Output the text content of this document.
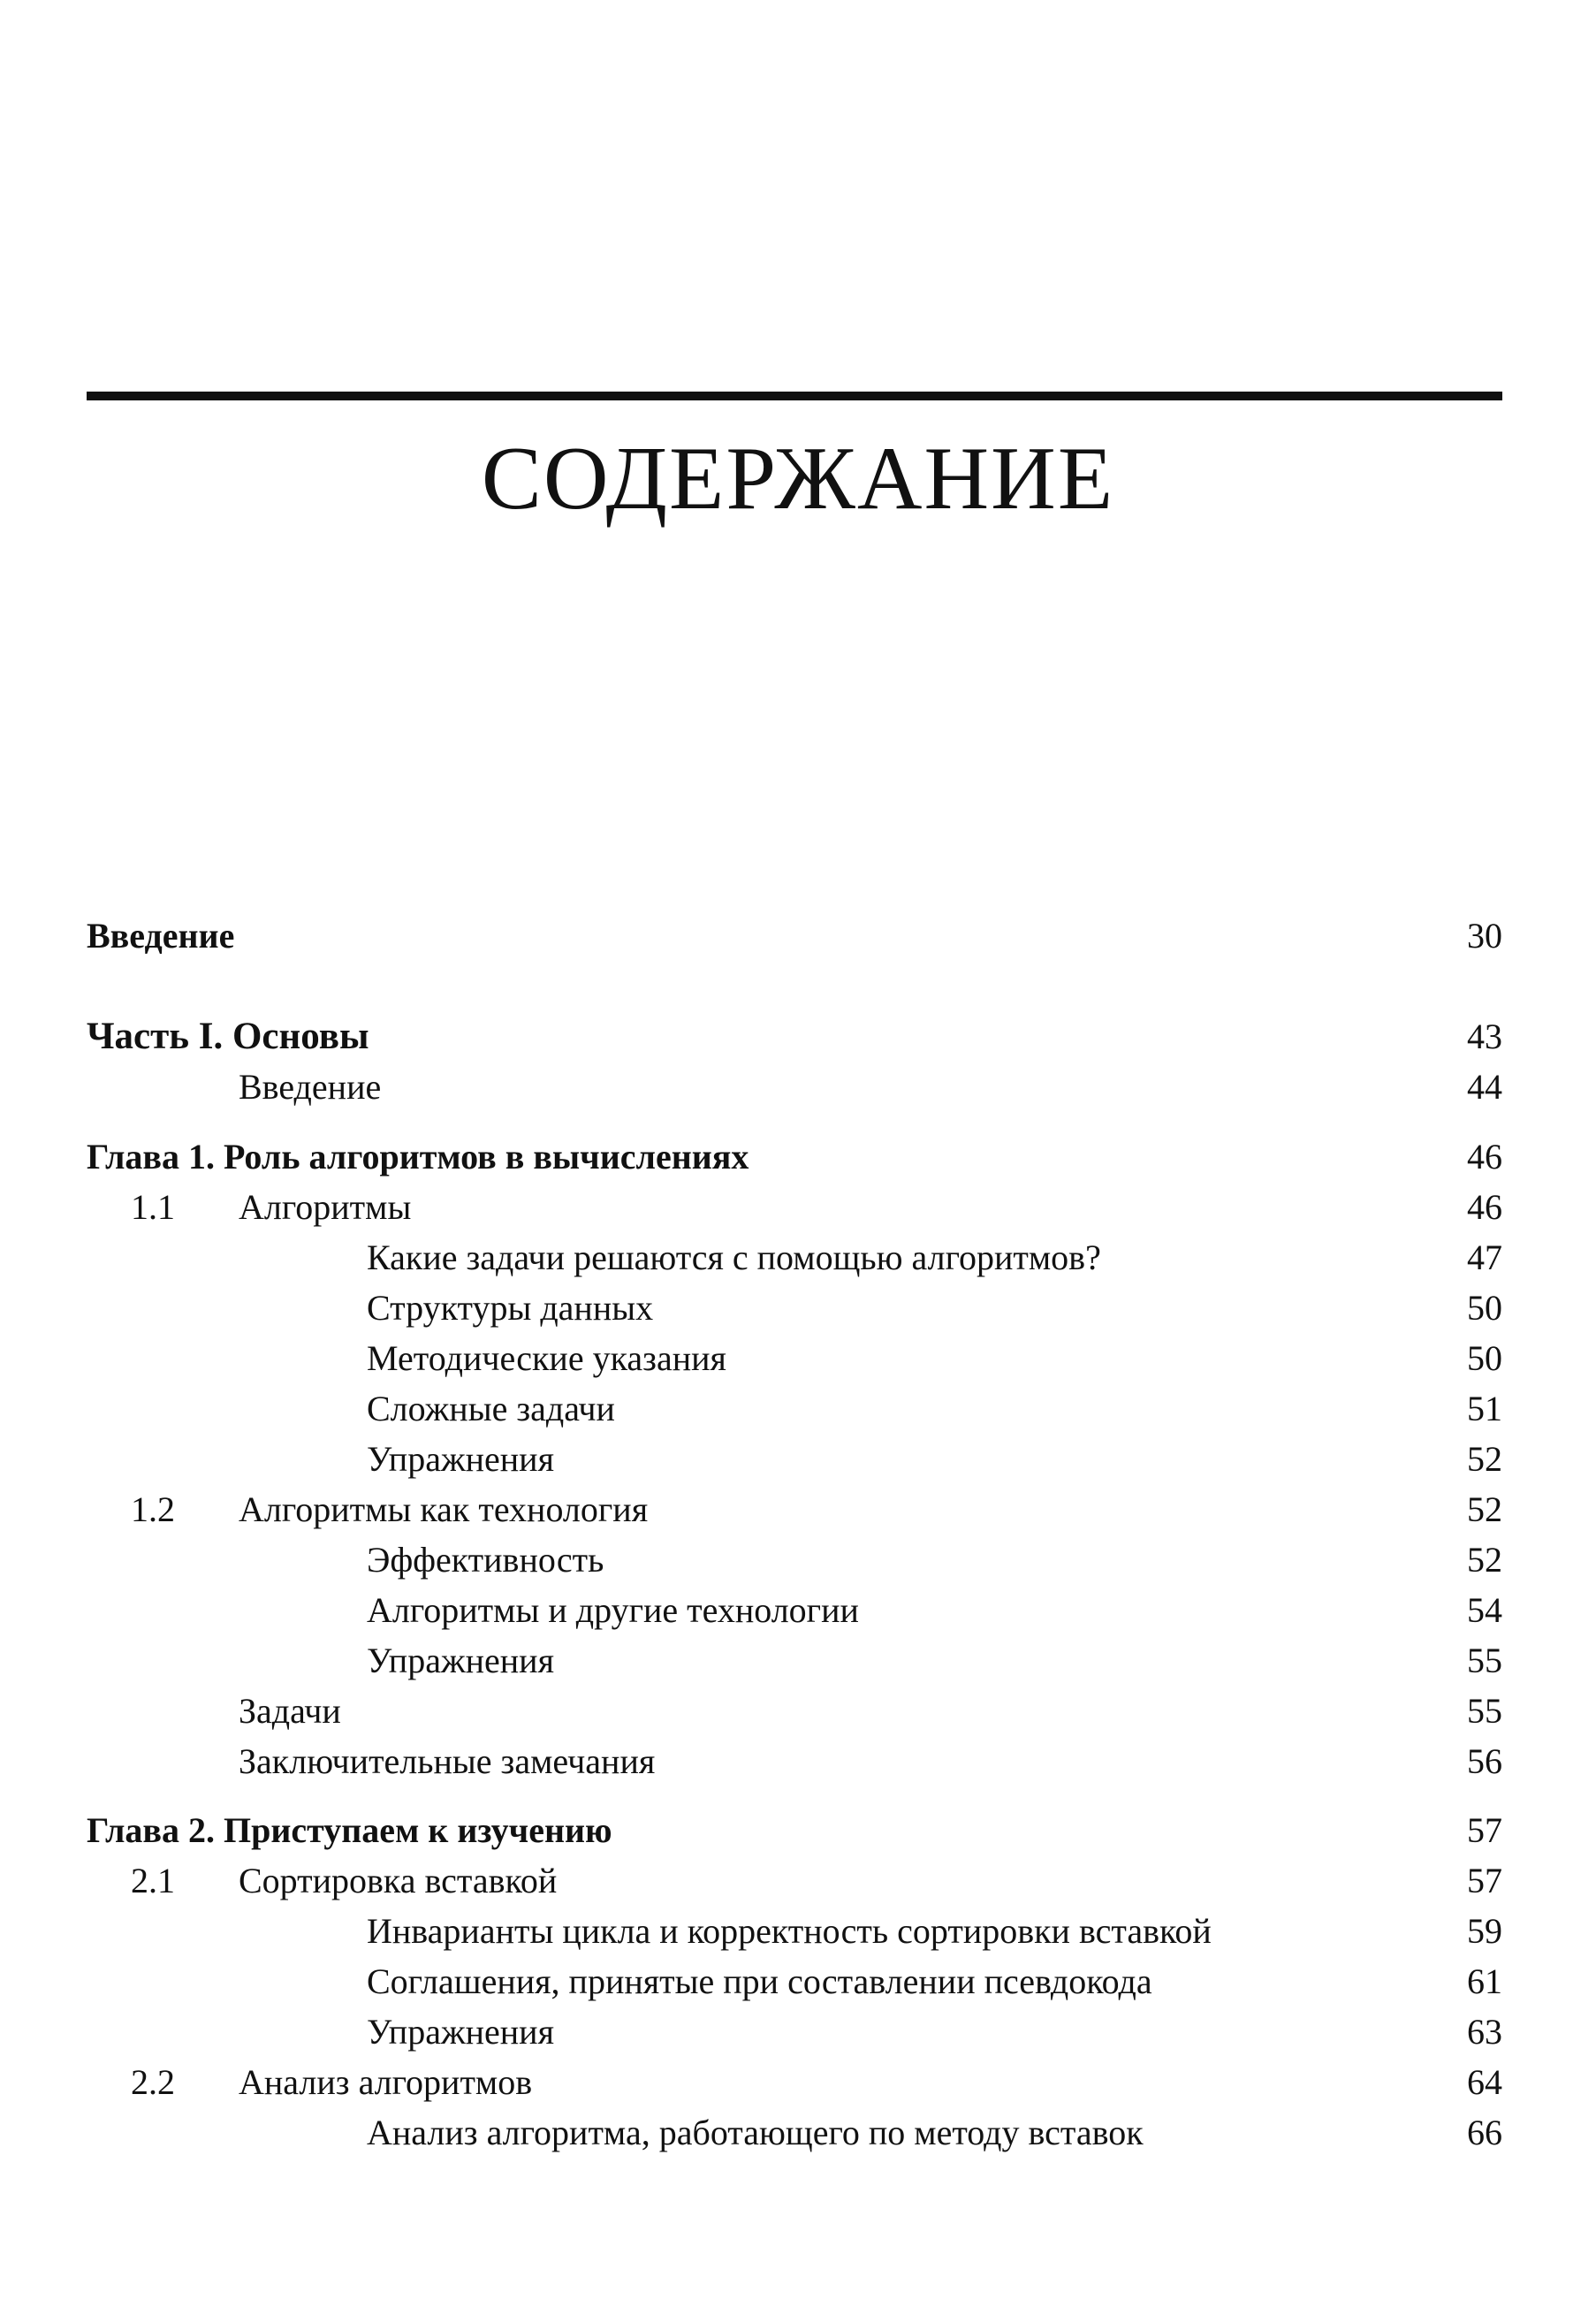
СОДЕРЖАНИЕ
Введение	30
Часть I. Основы	43
Введение	44
Глава 1. Роль алгоритмов в вычислениях	46
1.1	Алгоритмы	46
Какие задачи решаются с помощью алгоритмов?	47
Структуры данных	50
Методические указания	50
Сложные задачи	51
Упражнения	52
1.2	Алгоритмы как технология	52
Эффективность	52
Алгоритмы и другие технологии	54
Упражнения	55
Задачи	55
Заключительные замечания	56
Глава 2. Приступаем к изучению	57
2.1	Сортировка вставкой	57
Инварианты цикла и корректность сортировки вставкой	59
Соглашения, принятые при составлении псевдокода	61
Упражнения	63
2.2	Анализ алгоритмов	64
Анализ алгоритма, работающего по методу вставок	66
